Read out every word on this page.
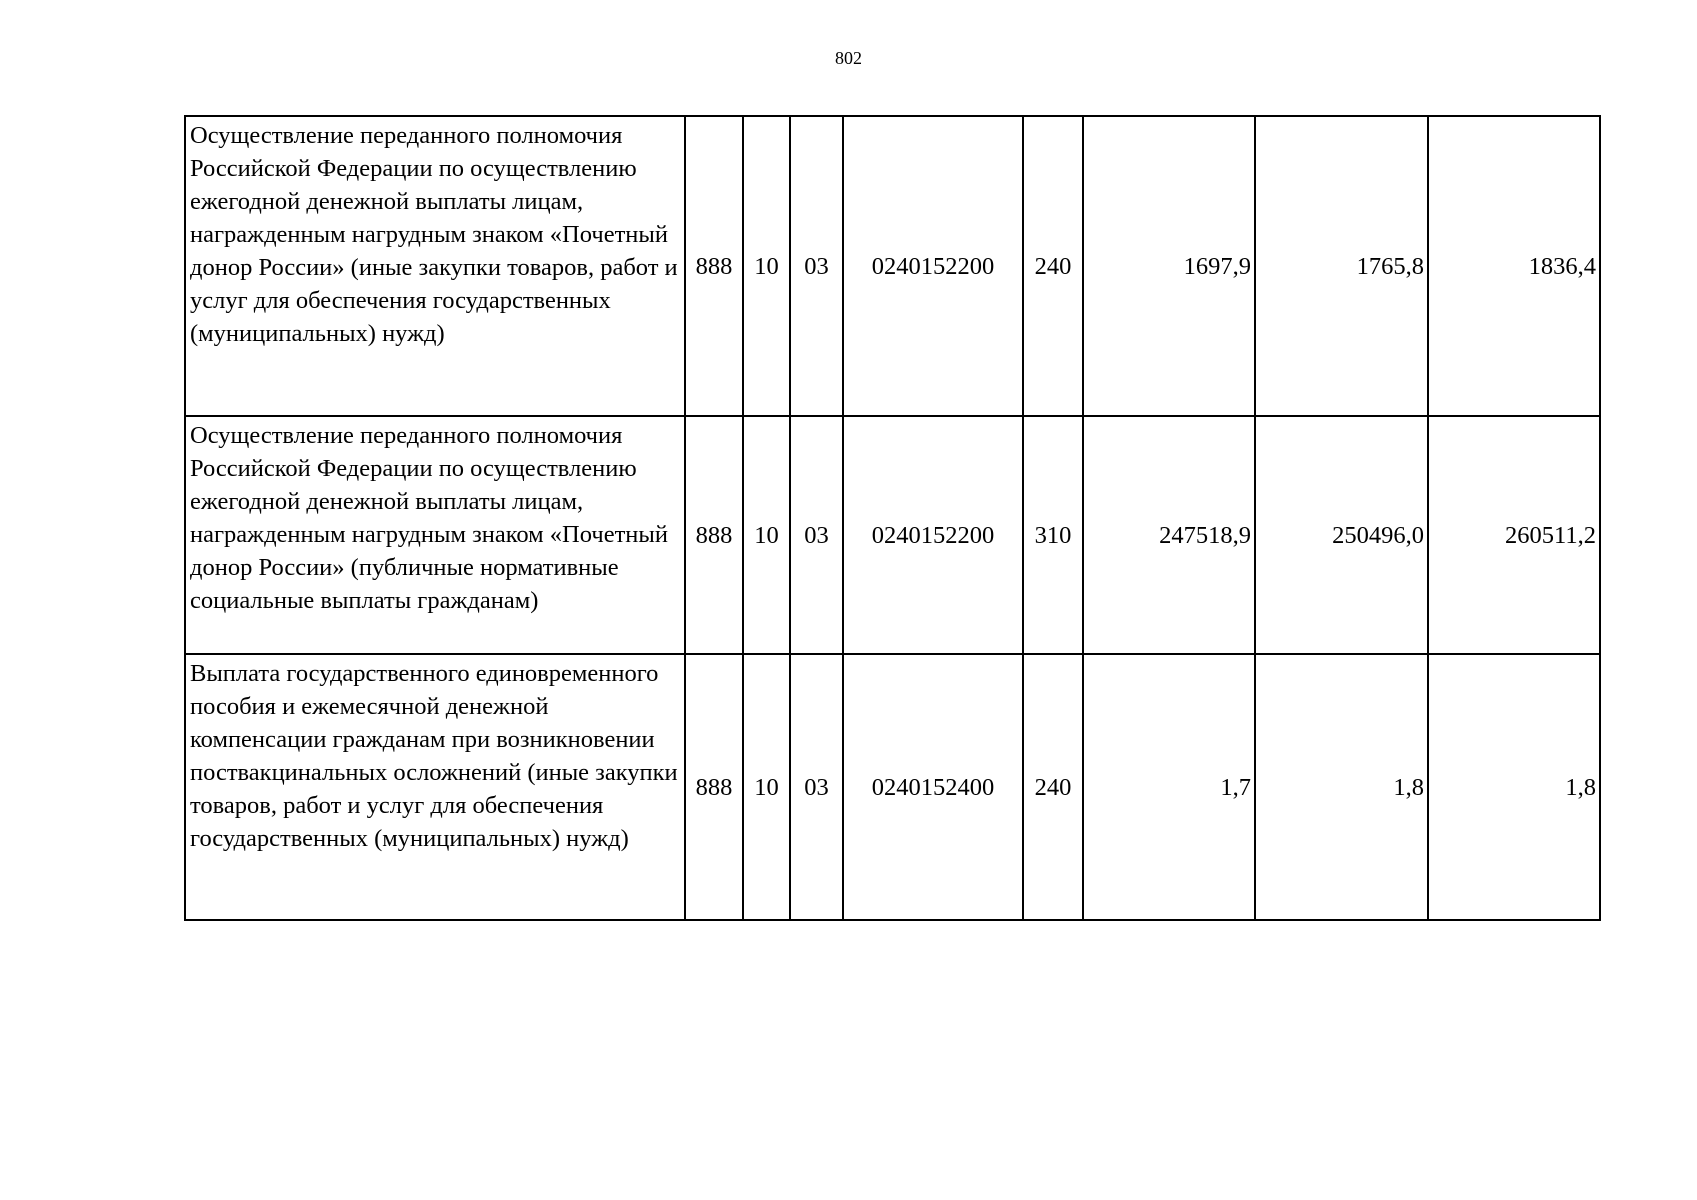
802
Осуществление переданного полномочия Российской Федерации по осуществлению ежегодной денежной выплаты лицам, награжденным нагрудным знаком «Почетный донор России» (иные закупки товаров, работ и услуг для обеспечения государственных (муниципальных) нужд)	888	10	03	0240152200	240	1697,9	1765,8	1836,4
Осуществление переданного полномочия Российской Федерации по осуществлению ежегодной денежной выплаты лицам, награжденным нагрудным знаком «Почетный донор России» (публичные нормативные социальные выплаты гражданам)	888	10	03	0240152200	310	247518,9	250496,0	260511,2
Выплата государственного единовременного пособия и ежемесячной денежной компенсации гражданам при возникновении поствакцинальных осложнений (иные закупки товаров, работ и услуг для обеспечения государственных (муниципальных) нужд)	888	10	03	0240152400	240	1,7	1,8	1,8
